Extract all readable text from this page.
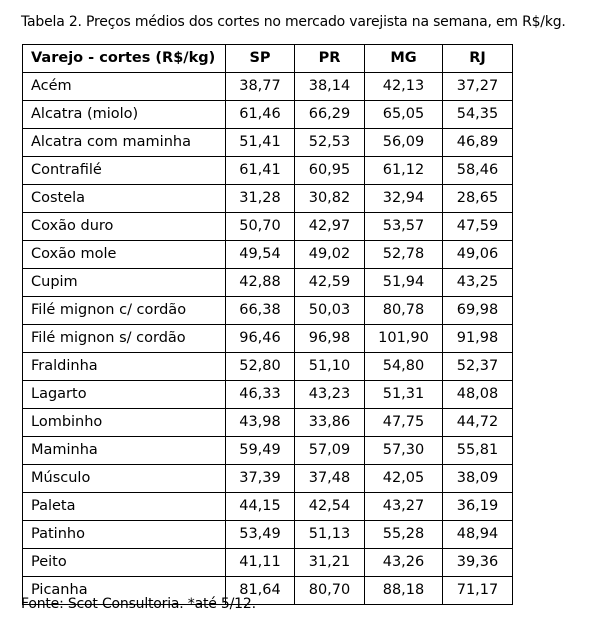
Tabela 2. Preços médios dos cortes no mercado varejista na semana, em R$/kg.
Varejo - cortes (R$/kg)	SP	PR	MG	RJ
Acém	38,77	38,14	42,13	37,27
Alcatra (miolo)	61,46	66,29	65,05	54,35
Alcatra com maminha	51,41	52,53	56,09	46,89
Contrafilé	61,41	60,95	61,12	58,46
Costela	31,28	30,82	32,94	28,65
Coxão duro	50,70	42,97	53,57	47,59
Coxão mole	49,54	49,02	52,78	49,06
Cupim	42,88	42,59	51,94	43,25
Filé mignon c/ cordão	66,38	50,03	80,78	69,98
Filé mignon s/ cordão	96,46	96,98	101,90	91,98
Fraldinha	52,80	51,10	54,80	52,37
Lagarto	46,33	43,23	51,31	48,08
Lombinho	43,98	33,86	47,75	44,72
Maminha	59,49	57,09	57,30	55,81
Músculo	37,39	37,48	42,05	38,09
Paleta	44,15	42,54	43,27	36,19
Patinho	53,49	51,13	55,28	48,94
Peito	41,11	31,21	43,26	39,36
Picanha	81,64	80,70	88,18	71,17
Fonte: Scot Consultoria. *até 5/12.
